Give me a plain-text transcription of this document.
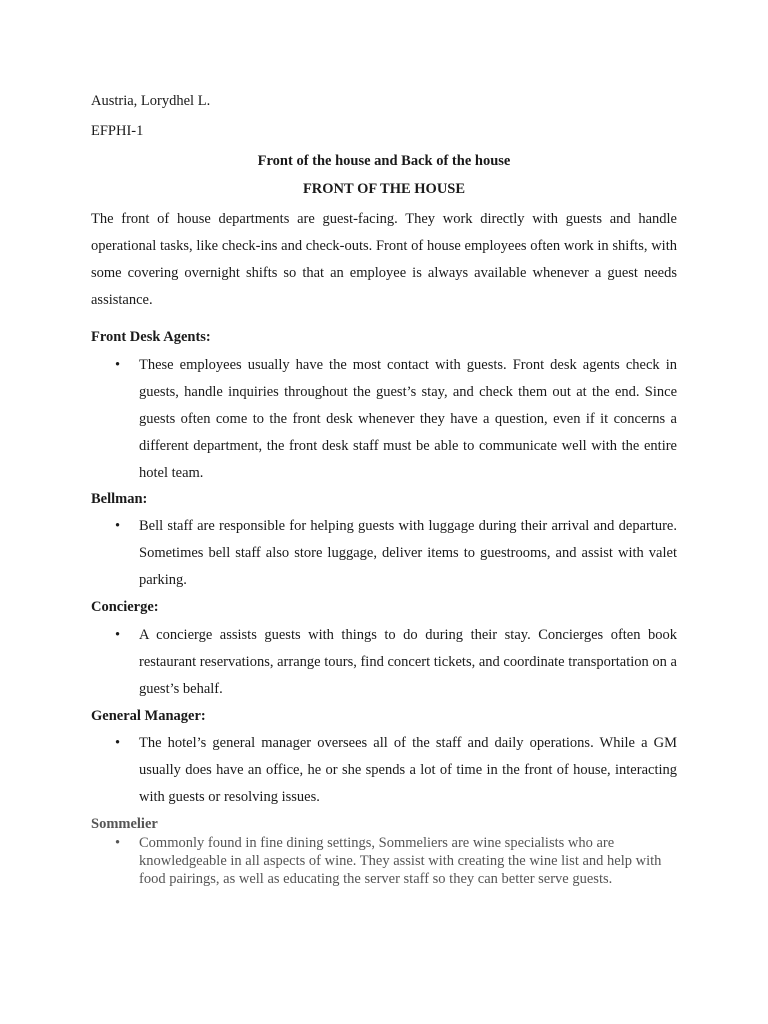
Austria, Lorydhel L.
EFPHI-1
Front of the house and Back of the house
FRONT OF THE HOUSE
The front of house departments are guest-facing. They work directly with guests and handle operational tasks, like check-ins and check-outs. Front of house employees often work in shifts, with some covering overnight shifts so that an employee is always available whenever a guest needs assistance.
Front Desk Agents:
•	These employees usually have the most contact with guests. Front desk agents check in guests, handle inquiries throughout the guest’s stay, and check them out at the end. Since guests often come to the front desk whenever they have a question, even if it concerns a different department, the front desk staff must be able to communicate well with the entire hotel team.
Bellman:
•	Bell staff are responsible for helping guests with luggage during their arrival and departure. Sometimes bell staff also store luggage, deliver items to guestrooms, and assist with valet parking.
Concierge:
•	A concierge assists guests with things to do during their stay. Concierges often book restaurant reservations, arrange tours, find concert tickets, and coordinate transportation on a guest’s behalf.
General Manager:
•	The hotel’s general manager oversees all of the staff and daily operations. While a GM usually does have an office, he or she spends a lot of time in the front of house, interacting with guests or resolving issues.
Sommelier
•	Commonly found in fine dining settings, Sommeliers are wine specialists who are knowledgeable in all aspects of wine. They assist with creating the wine list and help with food pairings, as well as educating the server staff so they can better serve guests.
